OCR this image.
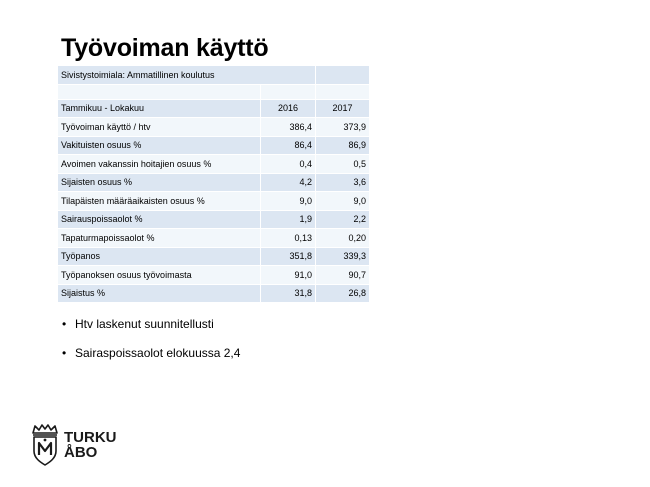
Työvoiman käyttö
Sivistystoimiala: Ammatillinen koulutus		

Tammikuu - Lokakuu	2016	2017
Työvoiman käyttö / htv	386,4	373,9
Vakituisten osuus %	86,4	86,9
Avoimen vakanssin hoitajien osuus %	0,4	0,5
Sijaisten osuus %	4,2	3,6
Tilapäisten määräaikaisten osuus %	9,0	9,0
Sairauspoissaolot %	1,9	2,2
Tapaturmapoissaolot %	0,13	0,20
Työpanos	351,8	339,3
Työpanoksen osuus työvoimasta	91,0	90,7
Sijaistus %	31,8	26,8
• Htv laskenut suunnitellusti
• Sairaspoissaolot elokuussa 2,4
TURKU
ÅBO
